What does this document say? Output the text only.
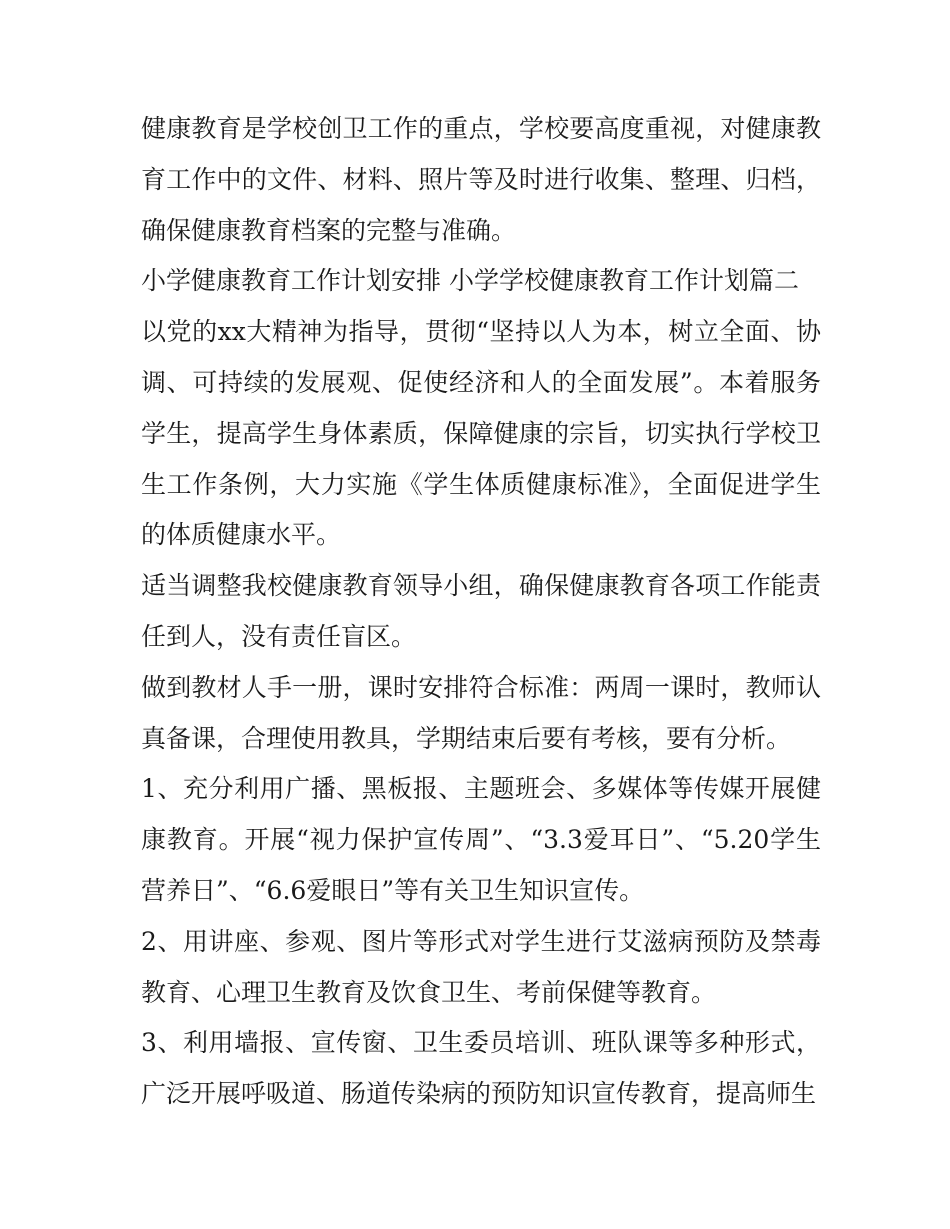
健康教育是学校创卫工作的重点，学校要高度重视，对健康教育工作中的文件、材料、照片等及时进行收集、整理、归档，确保健康教育档案的完整与准确。

小学健康教育工作计划安排 小学学校健康教育工作计划篇二

以党的xx大精神为指导，贯彻“坚持以人为本，树立全面、协调、可持续的发展观、促使经济和人的全面发展”。本着服务学生，提高学生身体素质，保障健康的宗旨，切实执行学校卫生工作条例，大力实施《学生体质健康标准》，全面促进学生的体质健康水平。

适当调整我校健康教育领导小组，确保健康教育各项工作能责任到人，没有责任盲区。

做到教材人手一册，课时安排符合标准：两周一课时，教师认真备课，合理使用教具，学期结束后要有考核，要有分析。

1、充分利用广播、黑板报、主题班会、多媒体等传媒开展健康教育。开展“视力保护宣传周”、“3.3爱耳日”、“5.20学生营养日”、“6.6爱眼日”等有关卫生知识宣传。

2、用讲座、参观、图片等形式对学生进行艾滋病预防及禁毒教育、心理卫生教育及饮食卫生、考前保健等教育。

3、利用墙报、宣传窗、卫生委员培训、班队课等多种形式，广泛开展呼吸道、肠道传染病的预防知识宣传教育，提高师生
